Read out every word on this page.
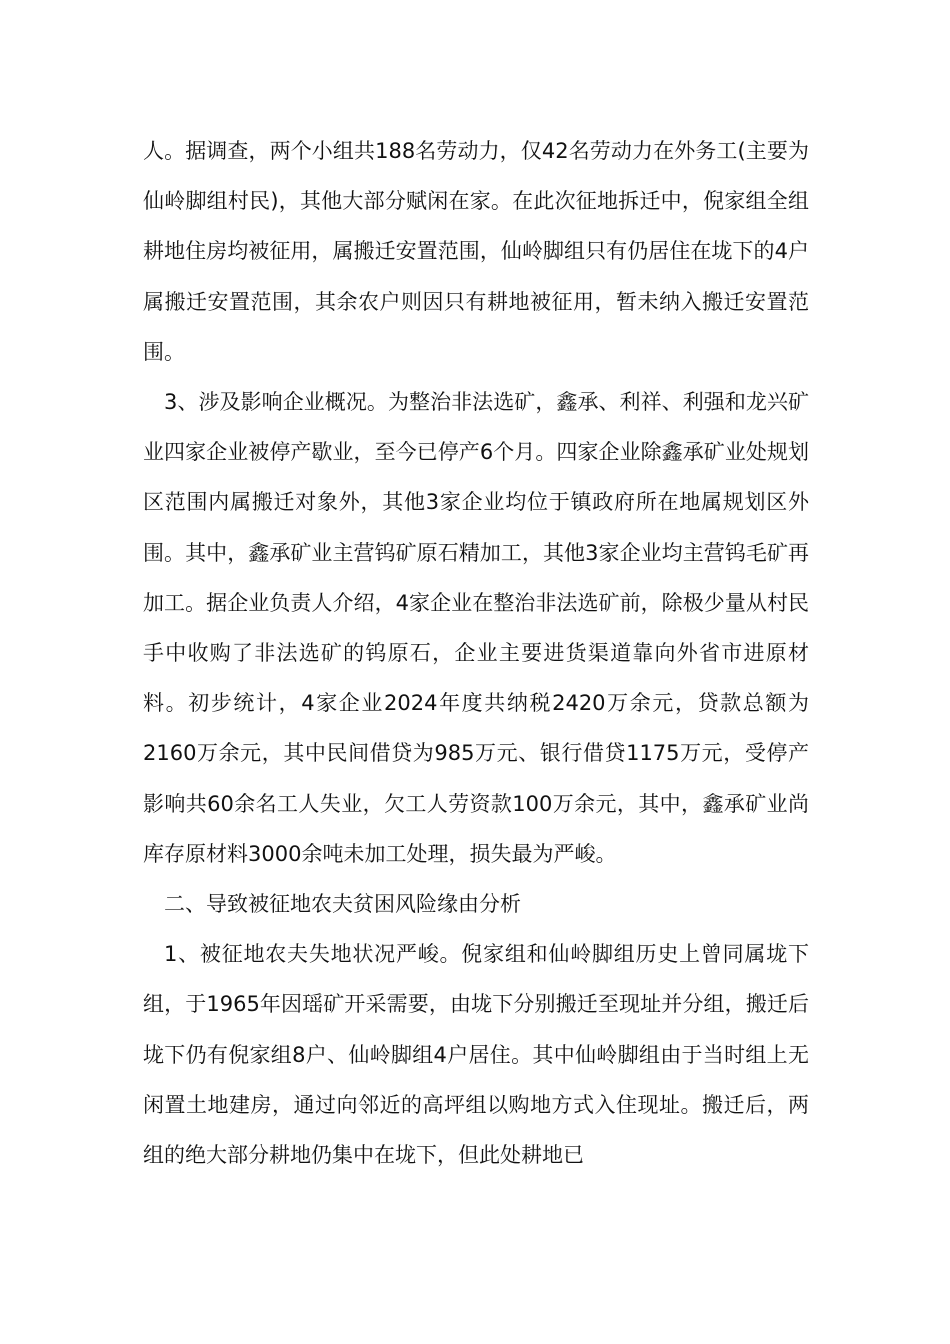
人。据调查，两个小组共188名劳动力，仅42名劳动力在外务工(主要为仙岭脚组村民)，其他大部分赋闲在家。在此次征地拆迁中，倪家组全组耕地住房均被征用，属搬迁安置范围，仙岭脚组只有仍居住在垅下的4户属搬迁安置范围，其余农户则因只有耕地被征用，暂未纳入搬迁安置范围。

3、涉及影响企业概况。为整治非法选矿，鑫承、利祥、利强和龙兴矿业四家企业被停产歇业，至今已停产6个月。四家企业除鑫承矿业处规划区范围内属搬迁对象外，其他3家企业均位于镇政府所在地属规划区外围。其中，鑫承矿业主营钨矿原石精加工，其他3家企业均主营钨毛矿再加工。据企业负责人介绍，4家企业在整治非法选矿前，除极少量从村民手中收购了非法选矿的钨原石，企业主要进货渠道靠向外省市进原材料。初步统计，4家企业2024年度共纳税2420万余元，贷款总额为2160万余元，其中民间借贷为985万元、银行借贷1175万元，受停产影响共60余名工人失业，欠工人劳资款100万余元，其中，鑫承矿业尚库存原材料3000余吨未加工处理，损失最为严峻。

二、导致被征地农夫贫困风险缘由分析

1、被征地农夫失地状况严峻。倪家组和仙岭脚组历史上曾同属垅下组，于1965年因瑶矿开采需要，由垅下分别搬迁至现址并分组，搬迁后垅下仍有倪家组8户、仙岭脚组4户居住。其中仙岭脚组由于当时组上无闲置土地建房，通过向邻近的高坪组以购地方式入住现址。搬迁后，两组的绝大部分耕地仍集中在垅下，但此处耕地已
